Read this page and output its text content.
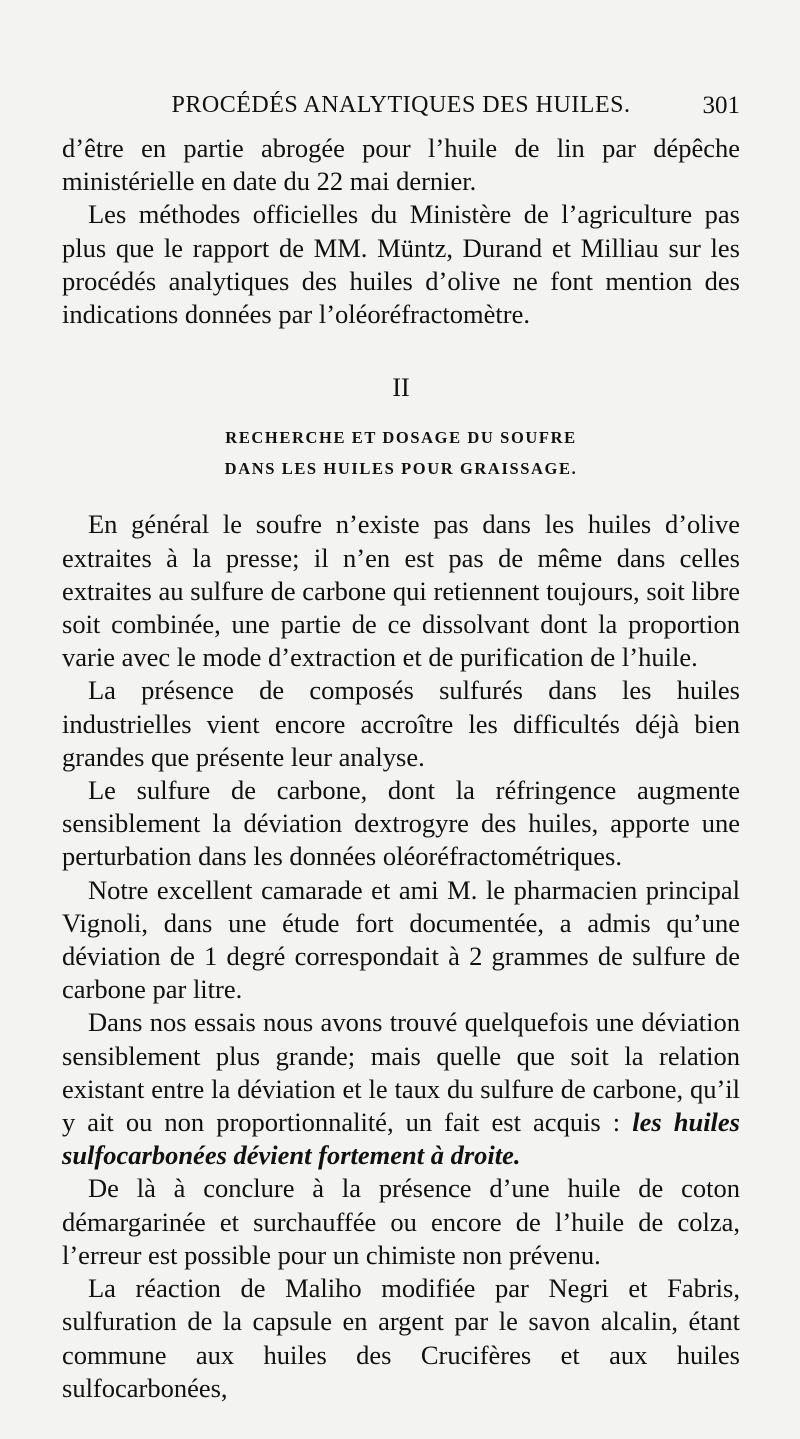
PROCÉDÉS ANALYTIQUES DES HUILES.	301

d’être en partie abrogée pour l’huile de lin par dépêche ministérielle en date du 22 mai dernier.

Les méthodes officielles du Ministère de l’agriculture pas plus que le rapport de MM. Müntz, Durand et Milliau sur les procédés analytiques des huiles d’olive ne font mention des indications données par l’oléoréfractomètre.

II
RECHERCHE ET DOSAGE DU SOUFRE
DANS LES HUILES POUR GRAISSAGE.

En général le soufre n’existe pas dans les huiles d’olive extraites à la presse; il n’en est pas de même dans celles extraites au sulfure de carbone qui retiennent toujours, soit libre soit combinée, une partie de ce dissolvant dont la proportion varie avec le mode d’extraction et de purification de l’huile.

La présence de composés sulfurés dans les huiles industrielles vient encore accroître les difficultés déjà bien grandes que présente leur analyse.

Le sulfure de carbone, dont la réfringence augmente sensiblement la déviation dextrogyre des huiles, apporte une perturbation dans les données oléoréfractométriques.

Notre excellent camarade et ami M. le pharmacien principal Vignoli, dans une étude fort documentée, a admis qu’une déviation de 1 degré correspondait à 2 grammes de sulfure de carbone par litre.

Dans nos essais nous avons trouvé quelquefois une déviation sensiblement plus grande; mais quelle que soit la relation existant entre la déviation et le taux du sulfure de carbone, qu’il y ait ou non proportionnalité, un fait est acquis : les huiles sulfocarbonées dévient fortement à droite.

De là à conclure à la présence d’une huile de coton démargarinée et surchauffée ou encore de l’huile de colza, l’erreur est possible pour un chimiste non prévenu.

La réaction de Maliho modifiée par Negri et Fabris, sulfuration de la capsule en argent par le savon alcalin, étant commune aux huiles des Crucifères et aux huiles sulfocarbonées,
